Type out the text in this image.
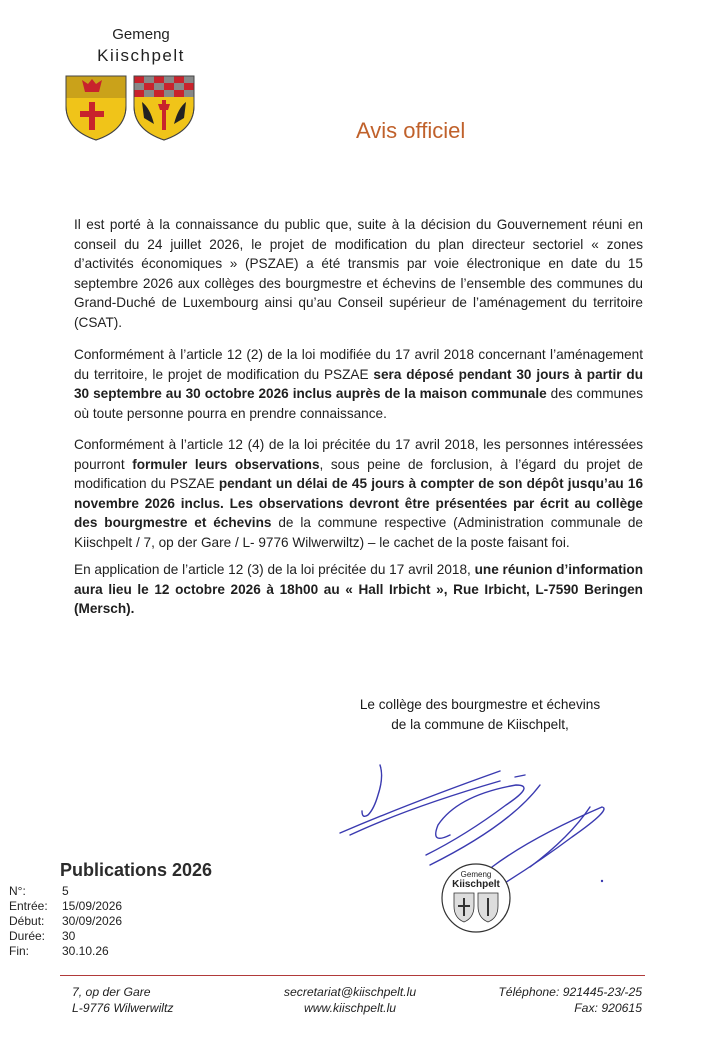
Gemeng
Kiischpelt
Avis officiel
Il est porté à la connaissance du public que, suite à la décision du Gouvernement réuni en conseil du 24 juillet 2026, le projet de modification du plan directeur sectoriel « zones d’activités économiques » (PSZAE) a été transmis par voie électronique en date du 15 septembre 2026 aux collèges des bourgmestre et échevins de l’ensemble des communes du Grand-Duché de Luxembourg ainsi qu’au Conseil supérieur de l’aménagement du territoire (CSAT).
Conformément à l’article 12 (2) de la loi modifiée du 17 avril 2018 concernant l’aménagement du territoire, le projet de modification du PSZAE sera déposé pendant 30 jours à partir du 30 septembre au 30 octobre 2026 inclus auprès de la maison communale des communes où toute personne pourra en prendre connaissance.
Conformément à l’article 12 (4) de la loi précitée du 17 avril 2018, les personnes intéressées pourront formuler leurs observations, sous peine de forclusion, à l’égard du projet de modification du PSZAE pendant un délai de 45 jours à compter de son dépôt jusqu’au 16 novembre 2026 inclus. Les observations devront être présentées par écrit au collège des bourgmestre et échevins de la commune respective (Administration communale de Kiischpelt / 7, op der Gare / L- 9776 Wilwerwiltz) – le cachet de la poste faisant foi.
En application de l’article 12 (3) de la loi précitée du 17 avril 2018, une réunion d’information aura lieu le 12 octobre 2026 à 18h00 au « Hall Irbicht », Rue Irbicht, L-7590 Beringen (Mersch).
Le collège des bourgmestre et échevins
de la commune de Kiischpelt,
Gemeng
Kiischpelt
Publications 2026
N°:	5
Entrée: 15/09/2026
Début: 30/09/2026
Durée: 30
Fin:	30.10.26
7, op der Gare
L-9776 Wilwerwiltz
secretariat@kiischpelt.lu
www.kiischpelt.lu
Téléphone: 921445-23/-25
Fax: 920615
